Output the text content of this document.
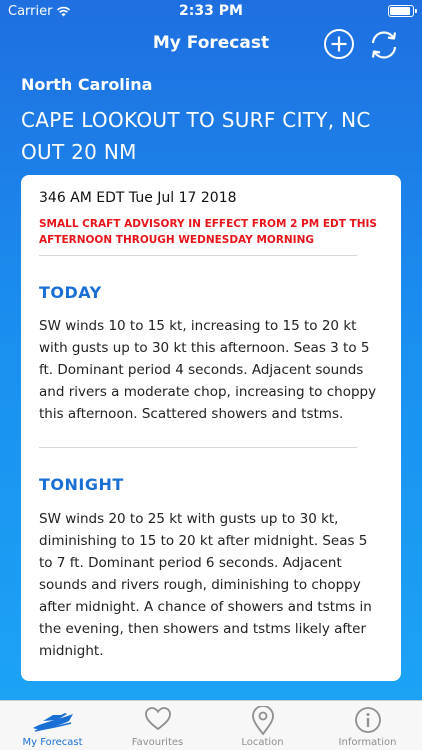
Carrier	2:33 PM
My Forecast
North Carolina
CAPE LOOKOUT TO SURF CITY, NC
OUT 20 NM
346 AM EDT Tue Jul 17 2018
SMALL CRAFT ADVISORY IN EFFECT FROM 2 PM EDT THIS
AFTERNOON THROUGH WEDNESDAY MORNING
TODAY
SW winds 10 to 15 kt, increasing to 15 to 20 kt
with gusts up to 30 kt this afternoon. Seas 3 to 5
ft. Dominant period 4 seconds. Adjacent sounds
and rivers a moderate chop, increasing to choppy
this afternoon. Scattered showers and tstms.
TONIGHT
SW winds 20 to 25 kt with gusts up to 30 kt,
diminishing to 15 to 20 kt after midnight. Seas 5
to 7 ft. Dominant period 6 seconds. Adjacent
sounds and rivers rough, diminishing to choppy
after midnight. A chance of showers and tstms in
the evening, then showers and tstms likely after
midnight.
My Forecast	Favourites	Location	Information
